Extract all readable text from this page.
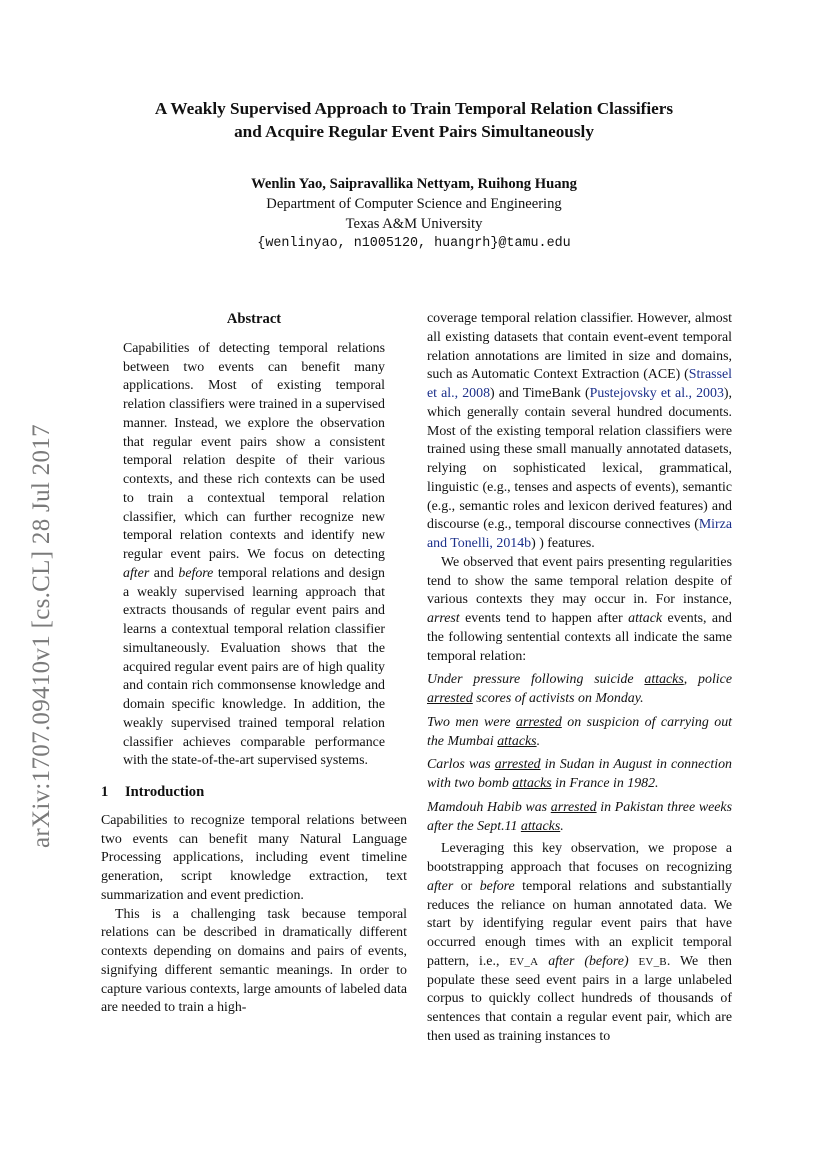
A Weakly Supervised Approach to Train Temporal Relation Classifiers
and Acquire Regular Event Pairs Simultaneously
Wenlin Yao, Saipravallika Nettyam, Ruihong Huang
Department of Computer Science and Engineering
Texas A&M University
{wenlinyao, n1005120, huangrh}@tamu.edu
arXiv:1707.09410v1 [cs.CL] 28 Jul 2017
Abstract

Capabilities of detecting temporal relations between two events can benefit many applications. Most of existing temporal relation classifiers were trained in a supervised manner. Instead, we explore the observation that regular event pairs show a consistent temporal relation despite of their various contexts, and these rich contexts can be used to train a contextual temporal relation classifier, which can further recognize new temporal relation contexts and identify new regular event pairs. We focus on detecting after and before temporal relations and design a weakly supervised learning approach that extracts thousands of regular event pairs and learns a contextual temporal relation classifier simultaneously. Evaluation shows that the acquired regular event pairs are of high quality and contain rich commonsense knowledge and domain specific knowledge. In addition, the weakly supervised trained temporal relation classifier achieves comparable performance with the state-of-the-art supervised systems.

1 Introduction

Capabilities to recognize temporal relations between two events can benefit many Natural Language Processing applications, including event timeline generation, script knowledge extraction, text summarization and event prediction.

This is a challenging task because temporal relations can be described in dramatically different contexts depending on domains and pairs of events, signifying different semantic meanings. In order to capture various contexts, large amounts of labeled data are needed to train a high-

coverage temporal relation classifier. However, almost all existing datasets that contain event-event temporal relation annotations are limited in size and domains, such as Automatic Context Extraction (ACE) (Strassel et al., 2008) and TimeBank (Pustejovsky et al., 2003), which generally contain several hundred documents. Most of the existing temporal relation classifiers were trained using these small manually annotated datasets, relying on sophisticated lexical, grammatical, linguistic (e.g., tenses and aspects of events), semantic (e.g., semantic roles and lexicon derived features) and discourse (e.g., temporal discourse connectives (Mirza and Tonelli, 2014b) ) features.

We observed that event pairs presenting regularities tend to show the same temporal relation despite of various contexts they may occur in. For instance, arrest events tend to happen after attack events, and the following sentential contexts all indicate the same temporal relation:

Under pressure following suicide attacks, police arrested scores of activists on Monday.

Two men were arrested on suspicion of carrying out the Mumbai attacks.

Carlos was arrested in Sudan in August in connection with two bomb attacks in France in 1982.

Mamdouh Habib was arrested in Pakistan three weeks after the Sept.11 attacks.

Leveraging this key observation, we propose a bootstrapping approach that focuses on recognizing after or before temporal relations and substantially reduces the reliance on human annotated data. We start by identifying regular event pairs that have occurred enough times with an explicit temporal pattern, i.e., EV_A after (before) EV_B. We then populate these seed event pairs in a large unlabeled corpus to quickly collect hundreds of thousands of sentences that contain a regular event pair, which are then used as training instances to
